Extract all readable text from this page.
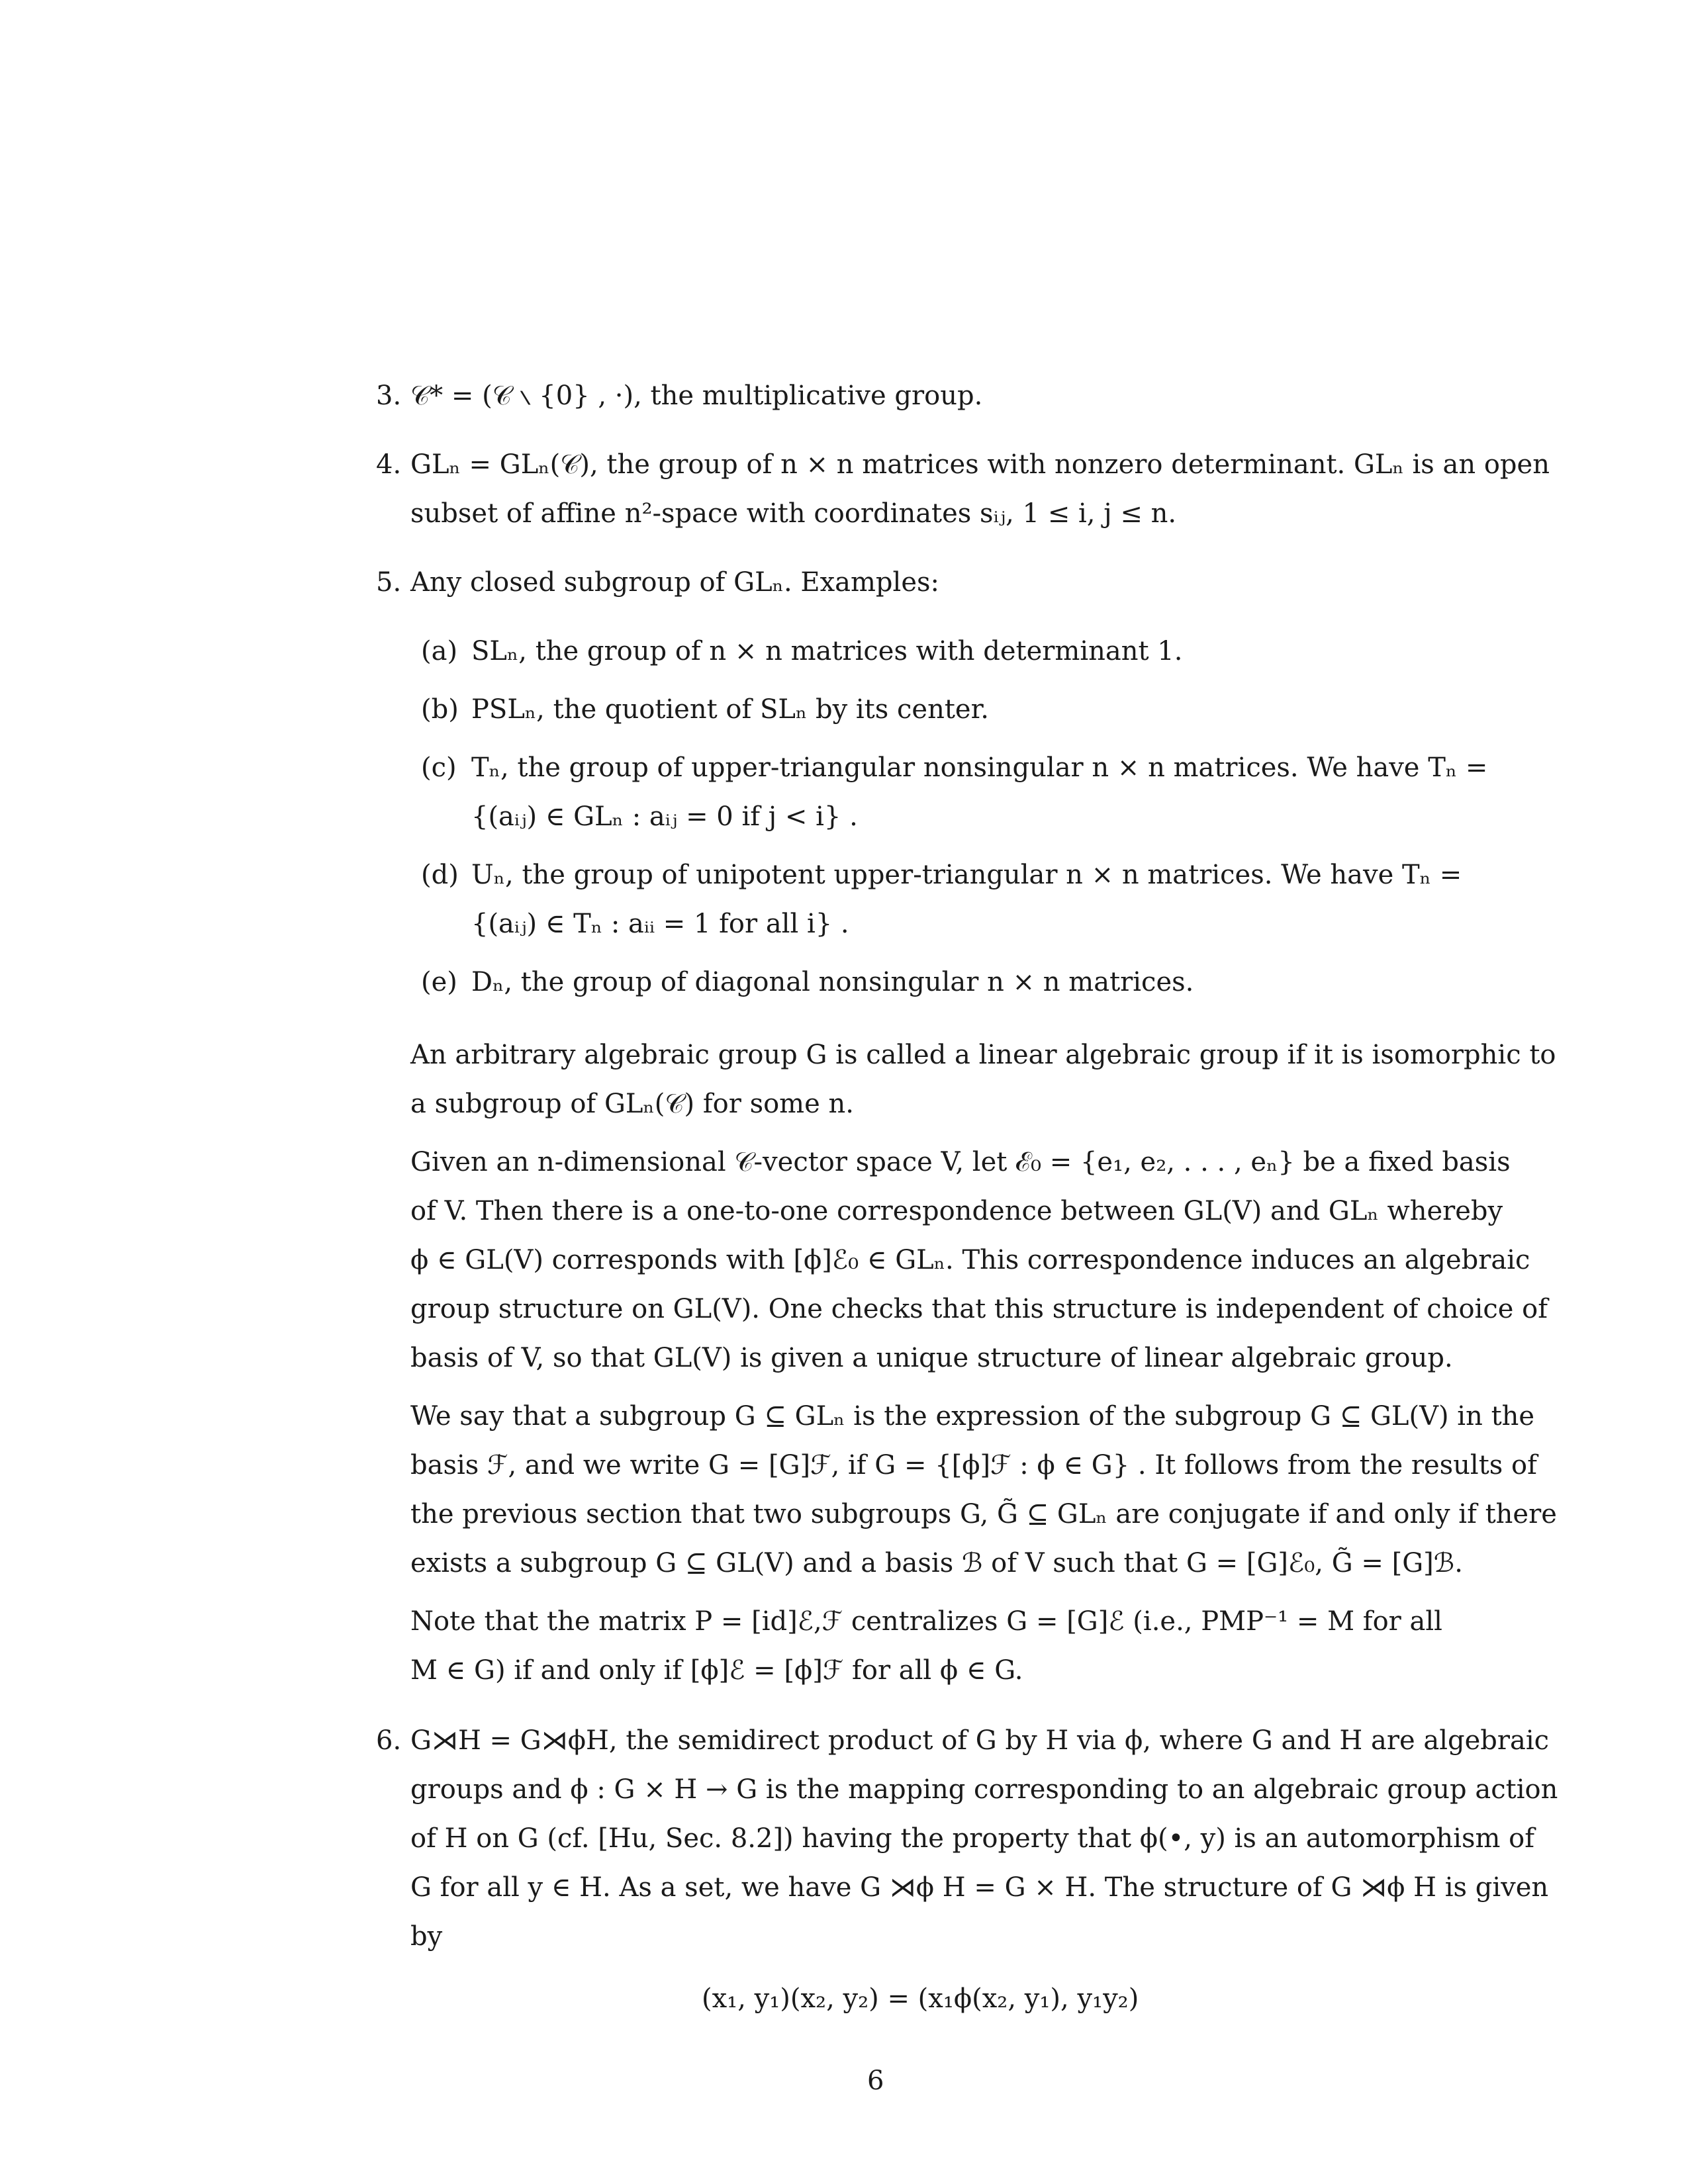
3. 𝒞* = (𝒞 ∖ {0} , ·), the multiplicative group.
4. GLₙ = GLₙ(𝒞), the group of n × n matrices with nonzero determinant. GLₙ is an open
subset of affine n²-space with coordinates sᵢⱼ, 1 ≤ i, j ≤ n.
5. Any closed subgroup of GLₙ. Examples:
(a) SLₙ, the group of n × n matrices with determinant 1.
(b) PSLₙ, the quotient of SLₙ by its center.
(c) Tₙ, the group of upper-triangular nonsingular n × n matrices. We have Tₙ =
{(aᵢⱼ) ∈ GLₙ : aᵢⱼ = 0 if j < i} .
(d) Uₙ, the group of unipotent upper-triangular n × n matrices. We have Tₙ =
{(aᵢⱼ) ∈ Tₙ : aᵢᵢ = 1 for all i} .
(e) Dₙ, the group of diagonal nonsingular n × n matrices.
An arbitrary algebraic group G is called a linear algebraic group if it is isomorphic to
a subgroup of GLₙ(𝒞) for some n.
Given an n-dimensional 𝒞-vector space V, let ℰ₀ = {e₁, e₂, . . . , eₙ} be a fixed basis
of V. Then there is a one-to-one correspondence between GL(V) and GLₙ whereby
ϕ ∈ GL(V) corresponds with [ϕ]ℰ₀ ∈ GLₙ. This correspondence induces an algebraic
group structure on GL(V). One checks that this structure is independent of choice of
basis of V, so that GL(V) is given a unique structure of linear algebraic group.
We say that a subgroup G ⊆ GLₙ is the expression of the subgroup G ⊆ GL(V) in the
basis ℱ, and we write G = [G]ℱ, if G = {[ϕ]ℱ : ϕ ∈ G} . It follows from the results of
the previous section that two subgroups G, G̃ ⊆ GLₙ are conjugate if and only if there
exists a subgroup G ⊆ GL(V) and a basis ℬ of V such that G = [G]ℰ₀, G̃ = [G]ℬ.
Note that the matrix P = [id]ℰ,ℱ centralizes G = [G]ℰ (i.e., PMP⁻¹ = M for all
M ∈ G) if and only if [ϕ]ℰ = [ϕ]ℱ for all ϕ ∈ G.
6. G⋊H = G⋊ϕH, the semidirect product of G by H via ϕ, where G and H are algebraic
groups and ϕ : G × H → G is the mapping corresponding to an algebraic group action
of H on G (cf. [Hu, Sec. 8.2]) having the property that ϕ(•, y) is an automorphism of
G for all y ∈ H. As a set, we have G ⋊ϕ H = G × H. The structure of G ⋊ϕ H is given
by
(x₁, y₁)(x₂, y₂) = (x₁ϕ(x₂, y₁), y₁y₂)
6
